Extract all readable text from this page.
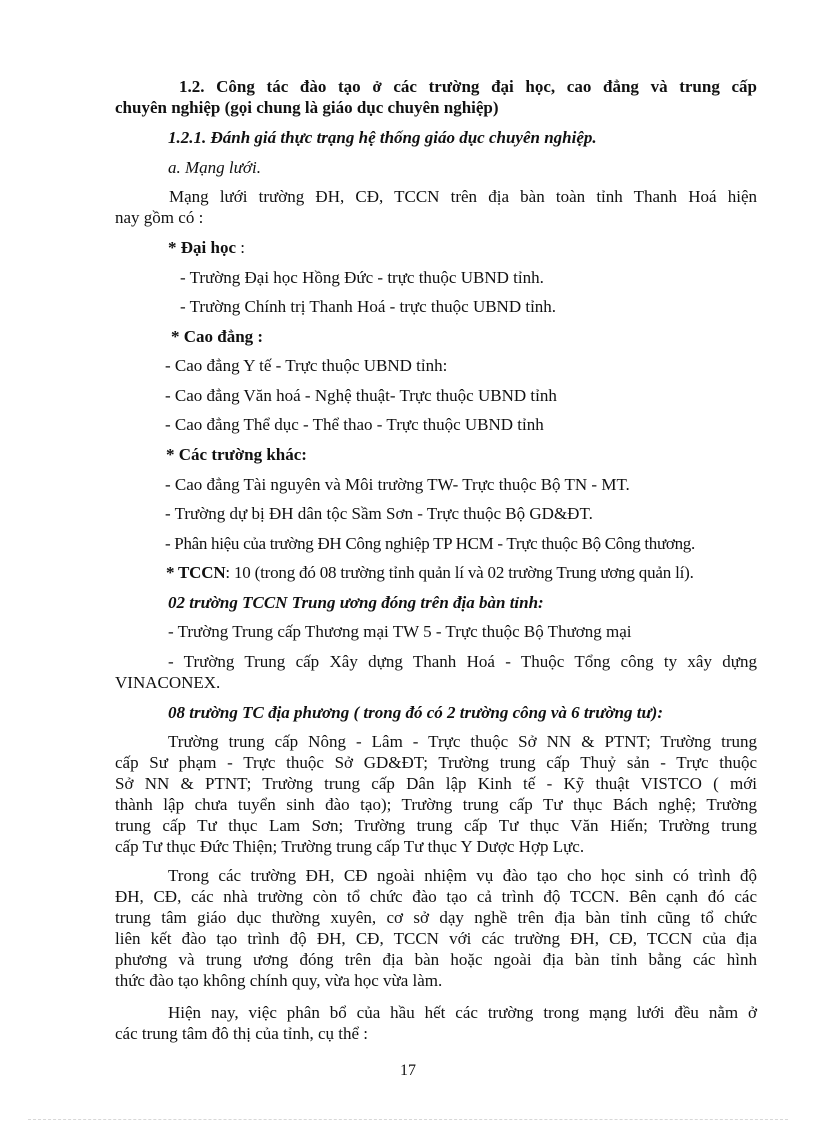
1.2. Công tác đào tạo ở các trường đại học, cao đẳng và trung cấp
chuyên nghiệp (gọi chung là giáo dục chuyên nghiệp)
1.2.1. Đánh giá thực trạng hệ thống giáo dục chuyên nghiệp.
a. Mạng lưới.
Mạng lưới trường ĐH, CĐ, TCCN trên địa bàn toàn tỉnh Thanh Hoá hiện
nay gồm có :
* Đại học :
- Trường Đại học Hồng Đức - trực thuộc UBND tỉnh.
- Trường Chính trị Thanh Hoá - trực thuộc UBND tỉnh.
* Cao đẳng :
- Cao đẳng Y tế - Trực thuộc UBND tỉnh:
- Cao đẳng Văn hoá - Nghệ thuật- Trực thuộc UBND tỉnh
- Cao đẳng Thể dục - Thể thao - Trực thuộc UBND tỉnh
* Các trường khác:
- Cao đẳng Tài nguyên và Môi trường TW- Trực thuộc Bộ TN - MT.
- Trường dự bị ĐH dân tộc Sầm Sơn - Trực thuộc Bộ GD&ĐT.
- Phân hiệu của trường ĐH Công nghiệp TP HCM - Trực thuộc Bộ Công thương.
* TCCN: 10 (trong đó 08 trường tỉnh quản lí và 02 trường Trung ương quản lí).
02 trường TCCN Trung ương đóng trên địa bàn tỉnh:
- Trường Trung cấp Thương mại TW 5 - Trực thuộc Bộ Thương mại
- Trường Trung cấp Xây dựng Thanh Hoá - Thuộc Tổng công ty xây dựng
VINACONEX.
08 trường TC địa phương ( trong đó có 2 trường công và 6 trường tư):
Trường trung cấp Nông - Lâm - Trực thuộc Sở NN & PTNT; Trường trung
cấp Sư phạm - Trực thuộc Sở GD&ĐT; Trường trung cấp Thuỷ sản - Trực thuộc
Sở NN & PTNT; Trường trung cấp Dân lập Kinh tế - Kỹ thuật VISTCO ( mới
thành lập chưa tuyển sinh đào tạo); Trường trung cấp Tư thục Bách nghệ; Trường
trung cấp Tư thục Lam Sơn; Trường trung cấp Tư thục Văn Hiến; Trường trung
cấp Tư thục Đức Thiện; Trường trung cấp Tư thục Y Dược Hợp Lực.
Trong các trường ĐH, CĐ ngoài nhiệm vụ đào tạo cho học sinh có trình độ
ĐH, CĐ, các nhà trường còn tổ chức đào tạo cả trình độ TCCN. Bên cạnh đó các
trung tâm giáo dục thường xuyên, cơ sở dạy nghề trên địa bàn tỉnh cũng tổ chức
liên kết đào tạo trình độ ĐH, CĐ, TCCN với các trường ĐH, CĐ, TCCN của địa
phương và trung ương đóng trên địa bàn hoặc ngoài địa bàn tỉnh bằng các hình
thức đào tạo không chính quy, vừa học vừa làm.
Hiện nay, việc phân bổ của hầu hết các trường trong mạng lưới đều nằm ở
các trung tâm đô thị của tỉnh, cụ thể :
17
